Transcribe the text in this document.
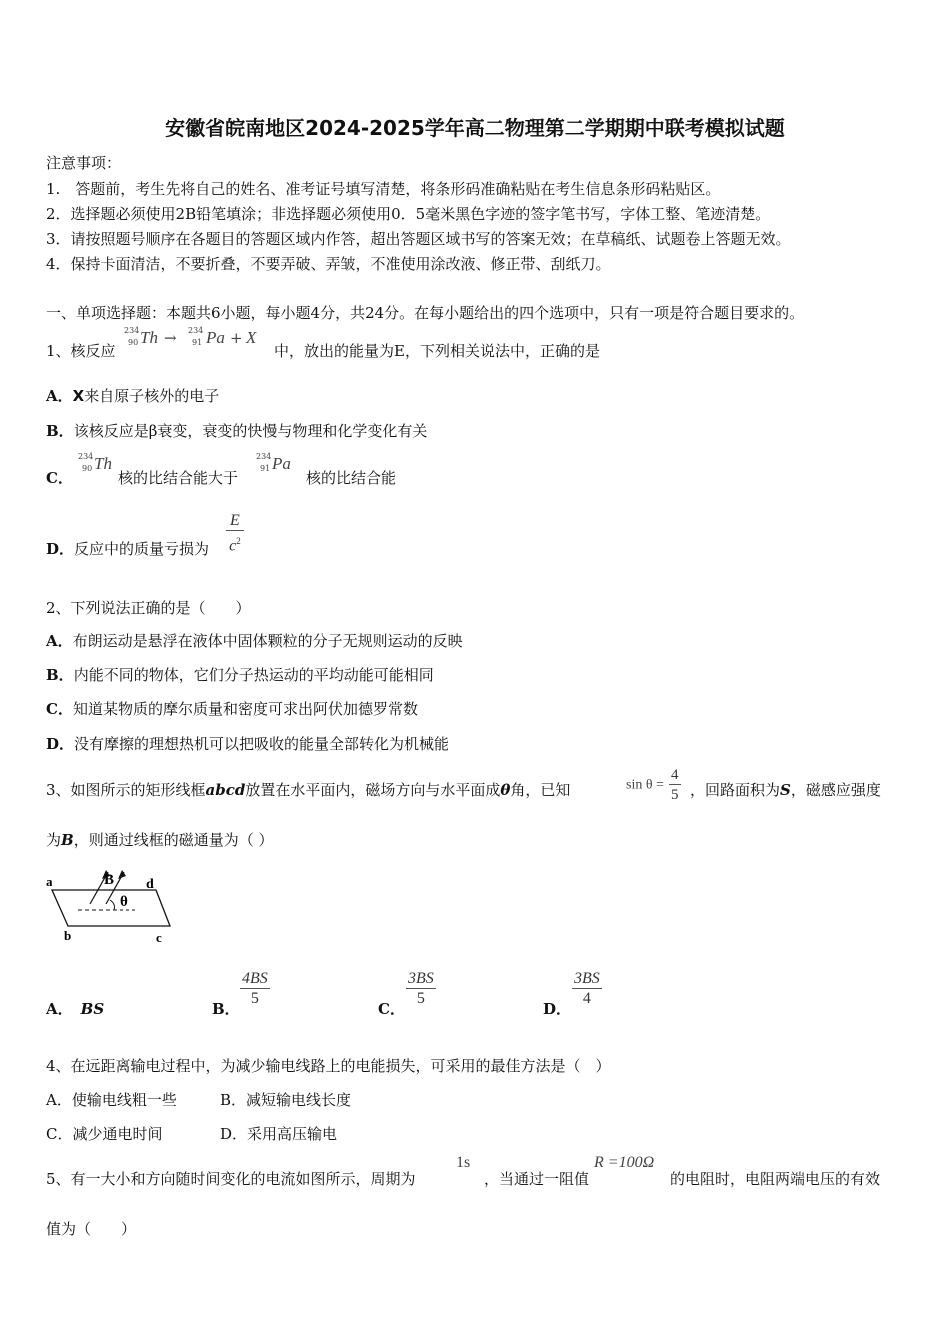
安徽省皖南地区2024-2025学年高二物理第二学期期中联考模拟试题
注意事项：
1.　答题前，考生先将自己的姓名、准考证号填写清楚，将条形码准确粘贴在考生信息条形码粘贴区。
2．选择题必须使用2B铅笔填涂；非选择题必须使用0．5毫米黑色字迹的签字笔书写，字体工整、笔迹清楚。
3．请按照题号顺序在各题目的答题区域内作答，超出答题区域书写的答案无效；在草稿纸、试题卷上答题无效。
4．保持卡面清洁，不要折叠，不要弄破、弄皱，不准使用涂改液、修正带、刮纸刀。
一、单项选择题：本题共6小题，每小题4分，共24分。在每小题给出的四个选项中，只有一项是符合题目要求的。
1、核反应
234
90 Th → 234
91 Pa + X
中，放出的能量为E，下列相关说法中，正确的是
A．X来自原子核外的电子
B．该核反应是β衰变，衰变的快慢与物理和化学变化有关
C．
234
90 Th
核的比结合能大于
234
91 Pa
核的比结合能
D．反应中的质量亏损为 $\frac{E}{c^2}$
2、下列说法正确的是（　　）
A．布朗运动是悬浮在液体中固体颗粒的分子无规则运动的反映
B．内能不同的物体，它们分子热运动的平均动能可能相同
C．知道某物质的摩尔质量和密度可求出阿伏加德罗常数
D．没有摩擦的理想热机可以把吸收的能量全部转化为机械能
3、如图所示的矩形线框abcd放置在水平面内，磁场方向与水平面成θ角，已知	$\sin \theta = \frac{4}{5}$ ，回路面积为S，磁感应强度
为B，则通过线框的磁通量为（ ）
a
b	c
d
B
θ
A． BS	B． $\frac{4BS}{5}$	C． $\frac{3BS}{5}$	D． $\frac{3BS}{4}$
4、在远距离输电过程中，为减少输电线路上的电能损失，可采用的最佳方法是（　）
A．使输电线粗一些	B．减短输电线长度
C．减少通电时间	D．采用高压输电
5、有一大小和方向随时间变化的电流如图所示，周期为
1s
，当通过一阻值
R =100Ω
的电阻时，电阻两端电压的有效
值为（　　）
